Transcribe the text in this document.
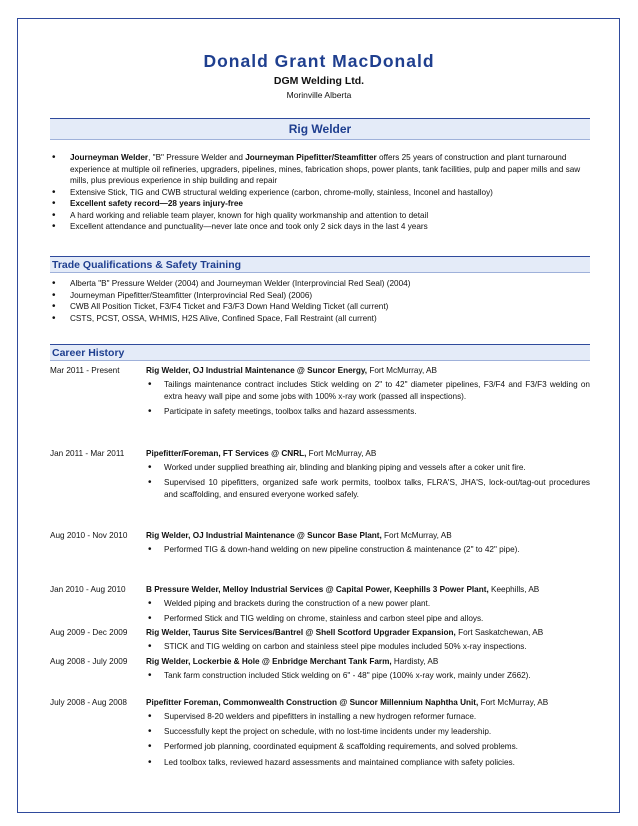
Donald Grant MacDonald
DGM Welding Ltd.
Morinville Alberta
Rig Welder
• Journeyman Welder, "B" Pressure Welder and Journeyman Pipefitter/Steamfitter offers 25 years of construction and plant turnaround experience at multiple oil refineries, upgraders, pipelines, mines, fabrication shops, power plants, tank facilities, pulp and paper mills and saw mills, plus previous experience in ship building and repair
• Extensive Stick, TIG and CWB structural welding experience (carbon, chrome-molly, stainless, Inconel and hastalloy)
• Excellent safety record—28 years injury-free
• A hard working and reliable team player, known for high quality workmanship and attention to detail
• Excellent attendance and punctuality—never late once and took only 2 sick days in the last 4 years
Trade Qualifications & Safety Training
• Alberta "B" Pressure Welder (2004) and Journeyman Welder (Interprovincial Red Seal) (2004)
• Journeyman Pipefitter/Steamfitter (Interprovincial Red Seal) (2006)
• CWB All Position Ticket, F3/F4 Ticket and F3/F3 Down Hand Welding Ticket (all current)
• CSTS, PCST, OSSA, WHMIS, H2S Alive, Confined Space, Fall Restraint (all current)
Career History
Mar 2011 - Present	Rig Welder, OJ Industrial Maintenance @ Suncor Energy, Fort McMurray, AB
• Tailings maintenance contract includes Stick welding on 2" to 42" diameter pipelines, F3/F4 and F3/F3 welding on extra heavy wall pipe and some jobs with 100% x-ray work (passed all inspections).
• Participate in safety meetings, toolbox talks and hazard assessments.
Jan 2011 - Mar 2011	Pipefitter/Foreman, FT Services @ CNRL, Fort McMurray, AB
• Worked under supplied breathing air, blinding and blanking piping and vessels after a coker unit fire.
• Supervised 10 pipefitters, organized safe work permits, toolbox talks, FLRA'S, JHA'S, lock-out/tag-out procedures and scaffolding, and ensured everyone worked safely.
Aug 2010 - Nov 2010 Rig Welder, OJ Industrial Maintenance @ Suncor Base Plant, Fort McMurray, AB
• Performed TIG & down-hand welding on new pipeline construction & maintenance (2" to 42" pipe).
Jan 2010 - Aug 2010 B Pressure Welder, Melloy Industrial Services @ Capital Power, Keephills 3 Power Plant, Keephills, AB
• Welded piping and brackets during the construction of a new power plant.
• Performed Stick and TIG welding on chrome, stainless and carbon steel pipe and alloys.
Aug 2009 - Dec 2009 Rig Welder, Taurus Site Services/Bantrel @ Shell Scotford Upgrader Expansion, Fort Saskatchewan, AB
• STICK and TIG welding on carbon and stainless steel pipe modules included 50% x-ray inspections.
Aug 2008 - July 2009 Rig Welder, Lockerbie & Hole @ Enbridge Merchant Tank Farm, Hardisty, AB
• Tank farm construction included Stick welding on 6" - 48" pipe (100% x-ray work, mainly under Z662).
July 2008 - Aug 2008 Pipefitter Foreman, Commonwealth Construction @ Suncor Millennium Naphtha Unit, Fort McMurray, AB
• Supervised 8-20 welders and pipefitters in installing a new hydrogen reformer furnace.
• Successfully kept the project on schedule, with no lost-time incidents under my leadership.
• Performed job planning, coordinated equipment & scaffolding requirements, and solved problems.
• Led toolbox talks, reviewed hazard assessments and maintained compliance with safety policies.
